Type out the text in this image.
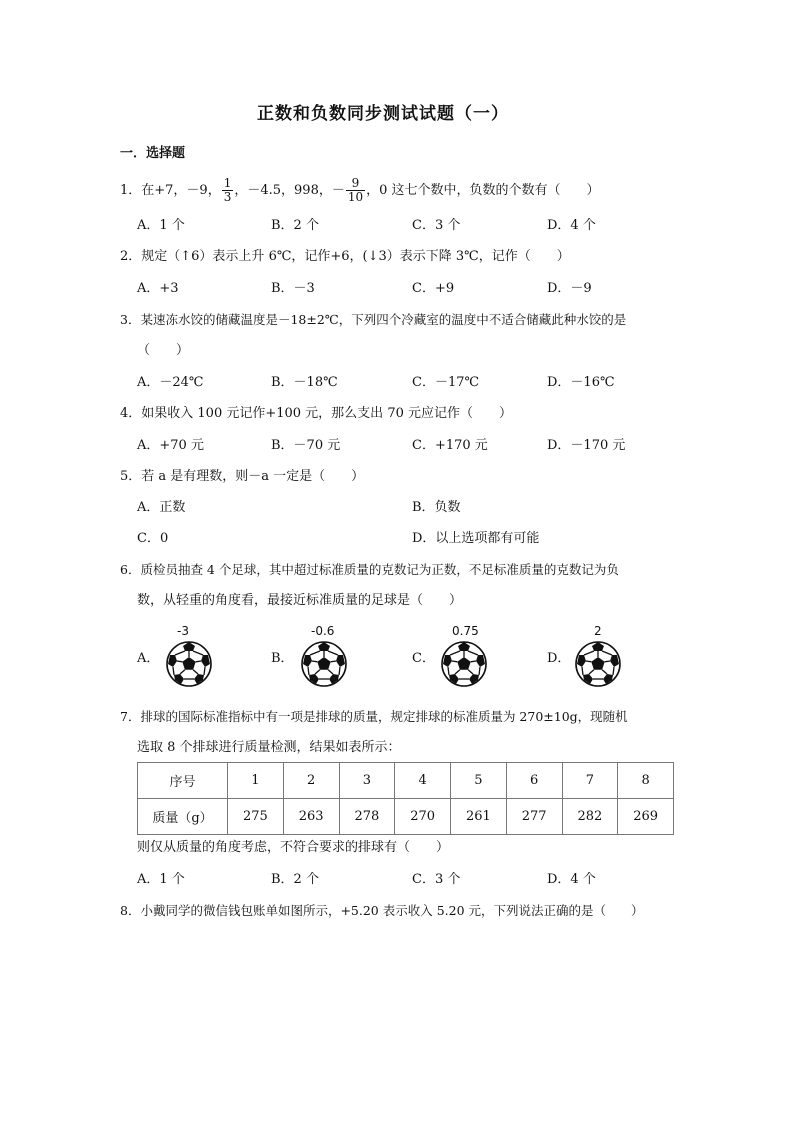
正数和负数同步测试试题（一）
一．选择题
1．在+7，－9， $\frac{1}{3}$ ，－4.5，998，－ $\frac{9}{10}$ ，0 这七个数中，负数的个数有（　　）
A．1 个	B．2 个	C．3 个	D．4 个
2．规定（↑6）表示上升 6℃，记作+6，(↓3）表示下降 3℃，记作（　　）
A．+3	B．－3	C．+9	D．－9
3．某速冻水饺的储藏温度是－18±2℃，下列四个冷藏室的温度中不适合储藏此种水饺的是
（　　）
A．－24℃	B．－18℃	C．－17℃	D．－16℃
4．如果收入 100 元记作+100 元，那么支出 70 元应记作（　　）
A．+70 元	B．－70 元	C．+170 元	D．－170 元
5．若 a 是有理数，则－a 一定是（　　）
A．正数	B．负数
C．0	D．以上选项都有可能
6．质检员抽查 4 个足球，其中超过标准质量的克数记为正数，不足标准质量的克数记为负
数，从轻重的角度看，最接近标准质量的足球是（　　）
-3	-0.6	0.75	2
A．	B．	C．	D．
7．排球的国际标准指标中有一项是排球的质量，规定排球的标准质量为 270±10g，现随机
选取 8 个排球进行质量检测，结果如表所示：
序号	1	2	3	4	5	6	7	8
质量（g）	275	263	278	270	261	277	282	269
则仅从质量的角度考虑，不符合要求的排球有（　　）
A．1 个	B．2 个	C．3 个	D．4 个
8．小戴同学的微信钱包账单如图所示，+5.20 表示收入 5.20 元，下列说法正确的是（　　）
